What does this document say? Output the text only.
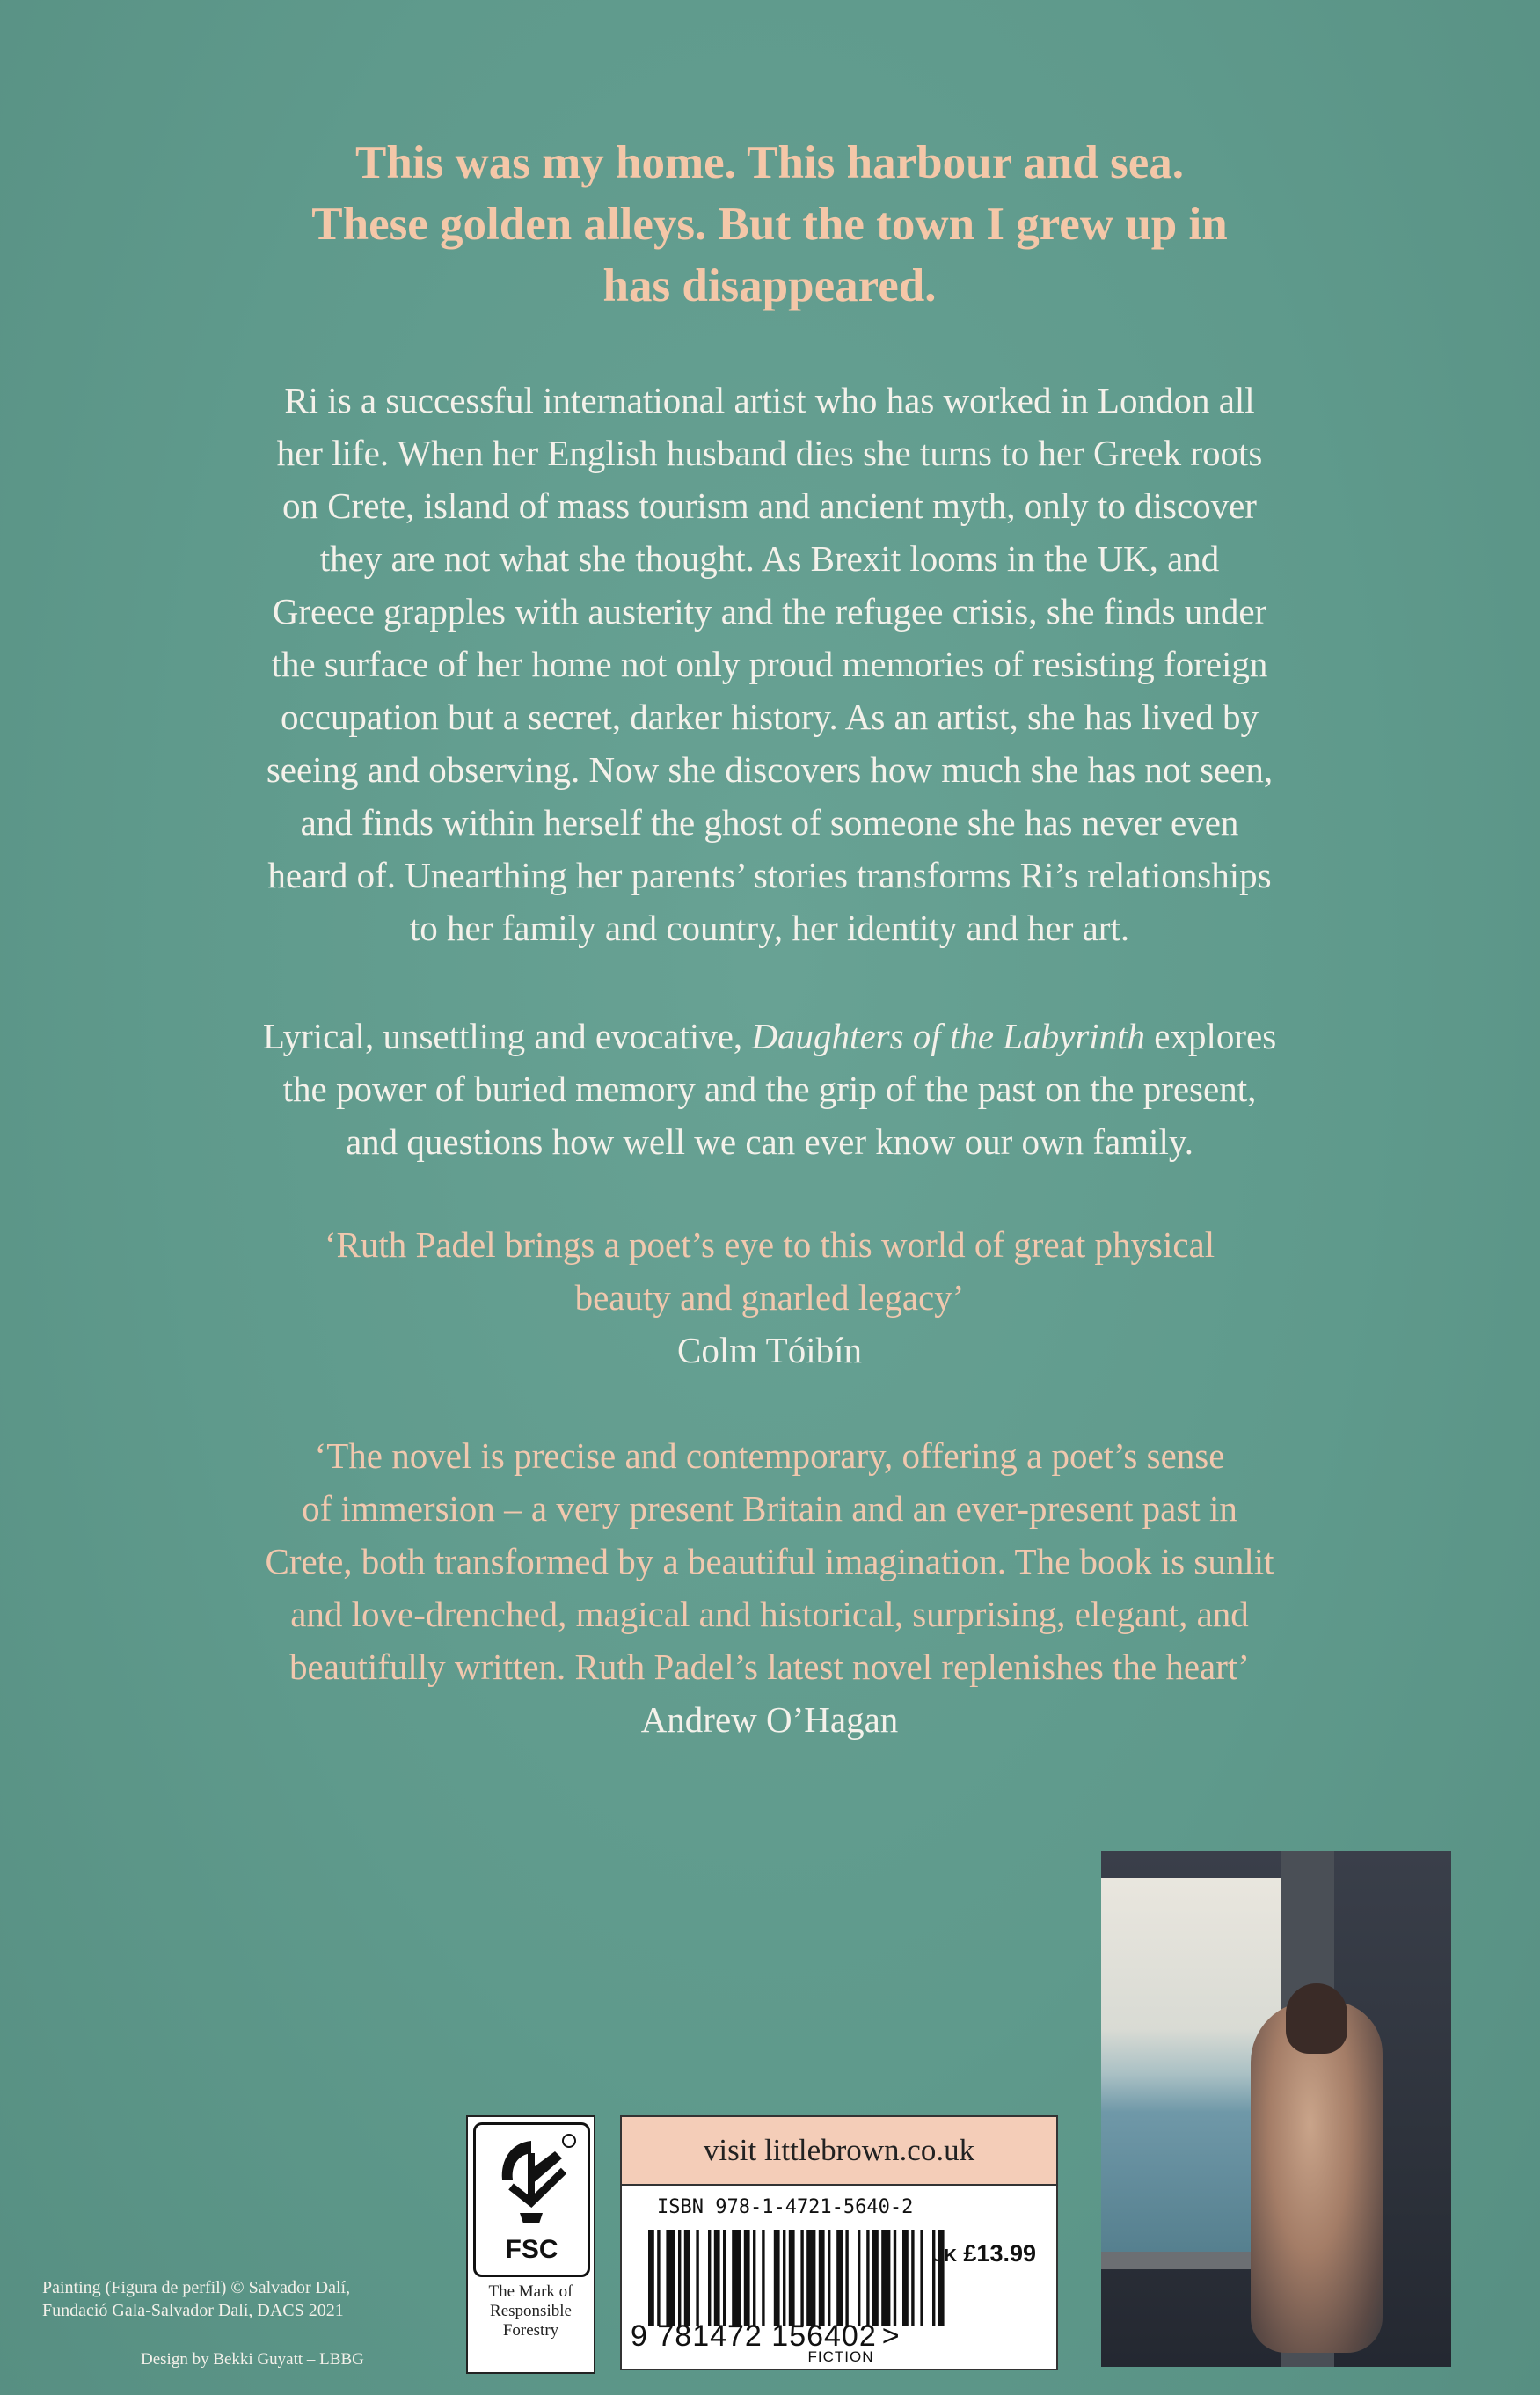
This was my home. This harbour and sea.
These golden alleys. But the town I grew up in
has disappeared.
Ri is a successful international artist who has worked in London all
her life. When her English husband dies she turns to her Greek roots
on Crete, island of mass tourism and ancient myth, only to discover
they are not what she thought. As Brexit looms in the UK, and
Greece grapples with austerity and the refugee crisis, she finds under
the surface of her home not only proud memories of resisting foreign
occupation but a secret, darker history. As an artist, she has lived by
seeing and observing. Now she discovers how much she has not seen,
and finds within herself the ghost of someone she has never even
heard of. Unearthing her parents’ stories transforms Ri’s relationships
to her family and country, her identity and her art.
Lyrical, unsettling and evocative, Daughters of the Labyrinth explores
the power of buried memory and the grip of the past on the present,
and questions how well we can ever know our own family.
‘Ruth Padel brings a poet’s eye to this world of great physical
beauty and gnarled legacy’
Colm Tóibín
‘The novel is precise and contemporary, offering a poet’s sense
of immersion – a very present Britain and an ever-present past in
Crete, both transformed by a beautiful imagination. The book is sunlit
and love-drenched, magical and historical, surprising, elegant, and
beautifully written. Ruth Padel’s latest novel replenishes the heart’
Andrew O’Hagan
FSC
The Mark of
Responsible
Forestry
visit littlebrown.co.uk
ISBN 978-1-4721-5640-2
UK £13.99
9 781472 156402 >
FICTION
Painting (Figura de perfil) © Salvador Dalí,
Fundació Gala-Salvador Dalí, DACS 2021
Design by Bekki Guyatt – LBBG
